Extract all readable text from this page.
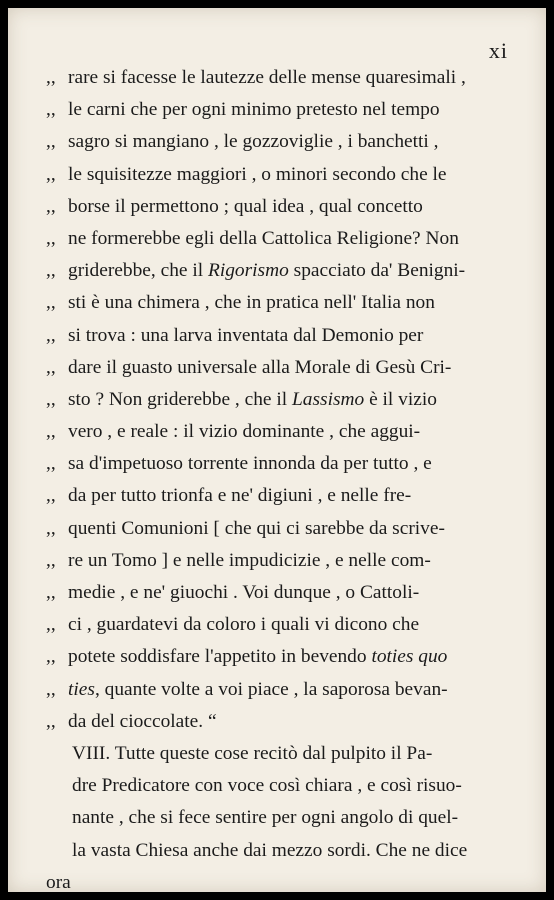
xi
,, rare si facesse le lautezze delle mense quaresimali ,
,, le carni che per ogni minimo pretesto nel tempo
,, sagro si mangiano , le gozzoviglie , i banchetti ,
,, le squisitezze maggiori , o minori secondo che le
,, borse il permettono ; qual idea , qual concetto
,, ne formerebbe egli della Cattolica Religione? Non
,, griderebbe, che il Rigorismo spacciato da' Benigni-
,, sti è una chimera , che in pratica nell' Italia non
,, si trova : una larva inventata dal Demonio per
,, dare il guasto universale alla Morale di Gesù Cri-
,, sto ? Non griderebbe , che il Lassismo è il vizio
,, vero , e reale : il vizio dominante , che aggui-
,, sa d'impetuoso torrente innonda da per tutto , e
,, da per tutto trionfa e ne' digiuni , e nelle fre-
,, quenti Comunioni [ che qui ci sarebbe da scrive-
,, re un Tomo ] e nelle impudicizie , e nelle com-
,, medie , e ne' giuochi . Voi dunque , o Cattoli-
,, ci , guardatevi da coloro i quali vi dicono che
,, potete soddisfare l'appetito in bevendo toties quo
,, ties, quante volte a voi piace , la saporosa bevan-
,, da del cioccolate. “
VIII. Tutte queste cose recitò dal pulpito il Pa-
dre Predicatore con voce così chiara , e così risuo-
nante , che si fece sentire per ogni angolo di quel-
la vasta Chiesa anche dai mezzo sordi. Che ne dice
ora
